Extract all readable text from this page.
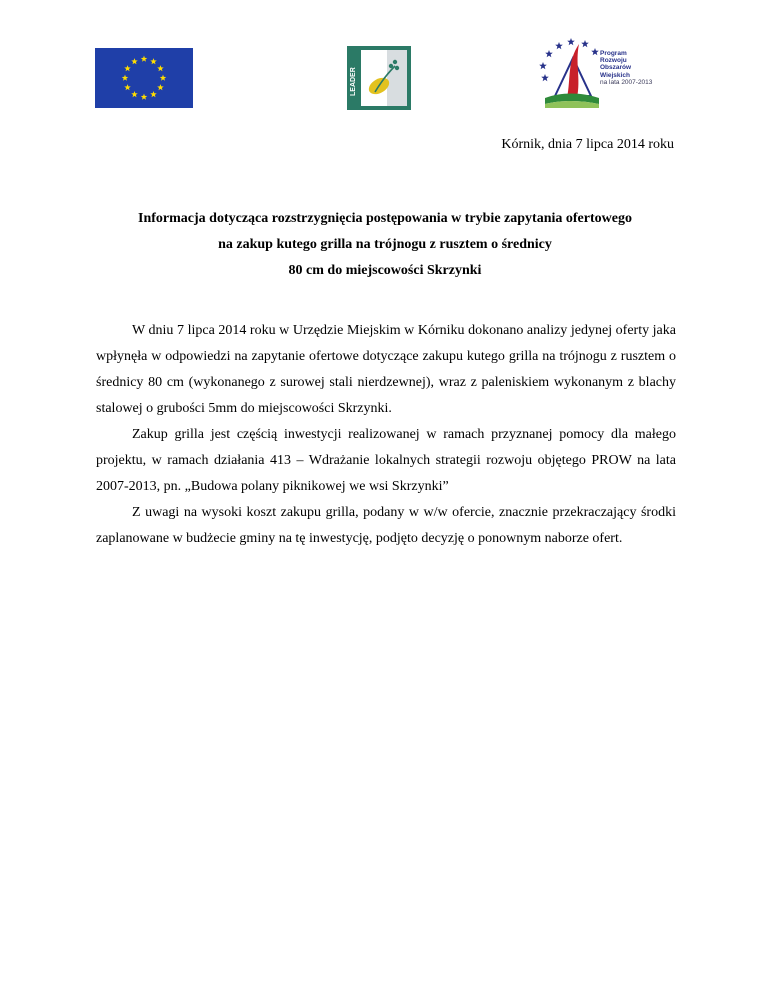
LEADER
Program
Rozwoju
Obszarów
Wiejskich
na lata 2007-2013
Kórnik, dnia 7 lipca 2014 roku
Informacja dotycząca rozstrzygnięcia postępowania w trybie zapytania ofertowego
na zakup kutego grilla na trójnogu z rusztem o średnicy
80 cm do miejscowości Skrzynki

W dniu 7 lipca 2014 roku w Urzędzie Miejskim w Kórniku dokonano analizy jedynej oferty jaka wpłynęła w odpowiedzi na zapytanie ofertowe dotyczące zakupu kutego grilla na trójnogu z rusztem o średnicy 80 cm (wykonanego z surowej stali nierdzewnej), wraz z paleniskiem wykonanym z blachy stalowej o grubości 5mm do miejscowości Skrzynki.

Zakup grilla jest częścią inwestycji realizowanej w ramach przyznanej pomocy dla małego projektu, w ramach działania 413 – Wdrażanie lokalnych strategii rozwoju objętego PROW na lata 2007-2013, pn. „Budowa polany piknikowej we wsi Skrzynki”

Z uwagi na wysoki koszt zakupu grilla, podany w w/w ofercie, znacznie przekraczający środki zaplanowane w budżecie gminy na tę inwestycję, podjęto decyzję o ponownym naborze ofert.
